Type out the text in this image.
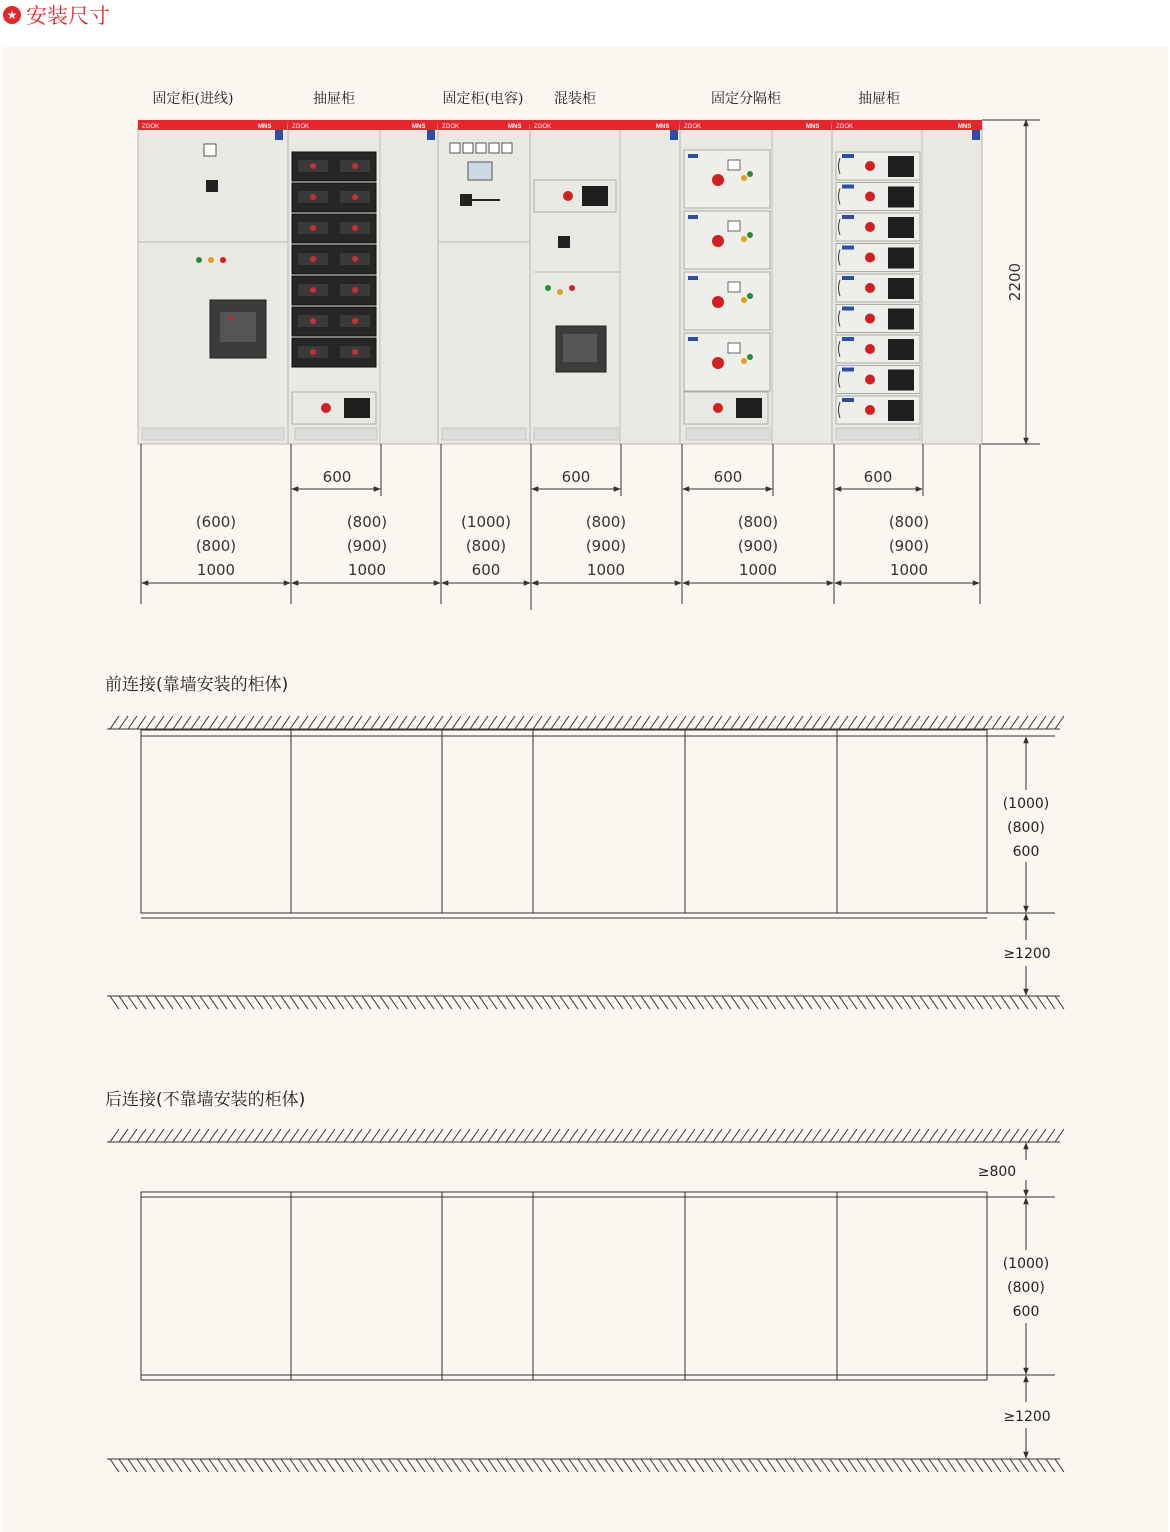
★ 安装尺寸
固定柜(进线)	抽屉柜	固定柜(电容) 混装柜	固定分隔柜	抽屉柜
ZGOK	MNS	ZGOK	MNS	ZGOK	MNS ZGOK	MNS ZGOK	MNS	ZGOK	MNS
2200
600	600	600	600
(600)
(800)
1000
(800)
(900)
1000
(1000)
(800)
600
(800)
(900)
1000
(800)
(900)
1000
(800)
(900)
1000
前连接(靠墙安装的柜体)
(1000)
(800)
600
≥1200
后连接(不靠墙安装的柜体)
≥800
(1000)
(800)
600
≥1200
